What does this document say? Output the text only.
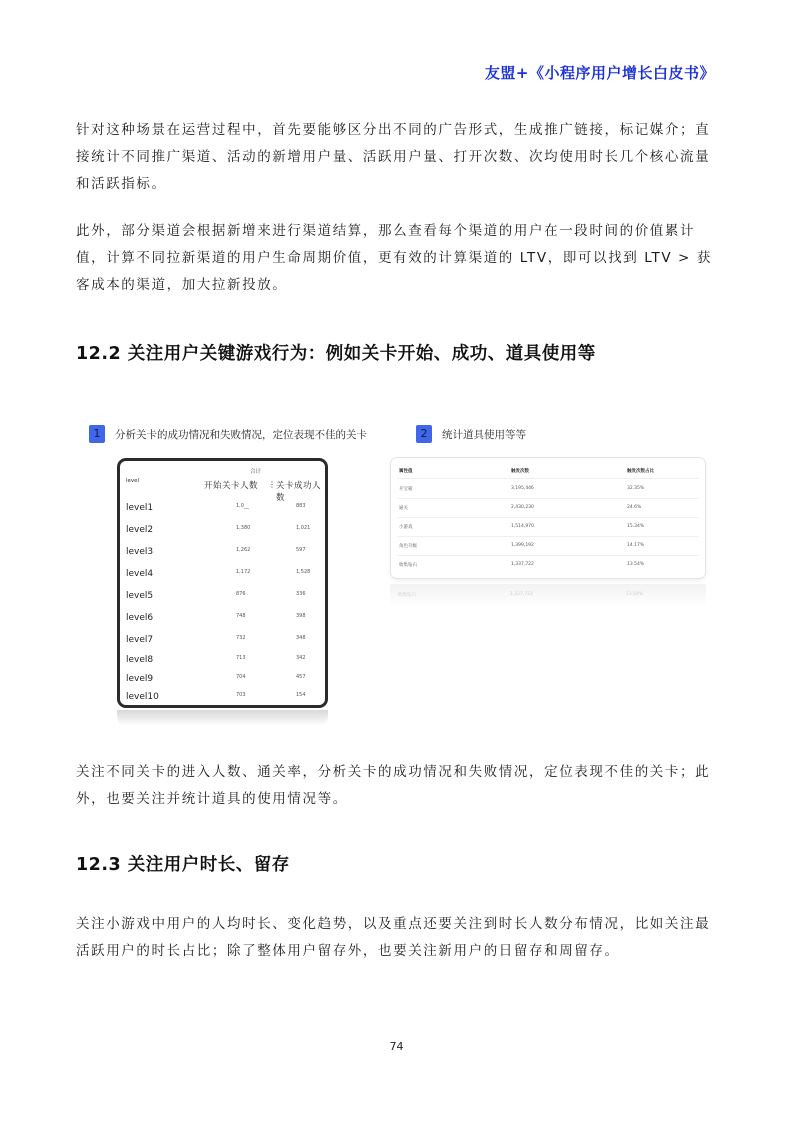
友盟+《小程序用户增长白皮书》

针对这种场景在运营过程中，首先要能够区分出不同的广告形式，生成推广链接，标记媒介；直接统计不同推广渠道、活动的新增用户量、活跃用户量、打开次数、次均使用时长几个核心流量和活跃指标。

此外，部分渠道会根据新增来进行渠道结算，那么查看每个渠道的用户在一段时间的价值累计值，计算不同拉新渠道的用户生命周期价值，更有效的计算渠道的 LTV，即可以找到 LTV > 获客成本的渠道，加大拉新投放。

12.2 关注用户关键游戏行为：例如关卡开始、成功、道具使用等
1	分析关卡的成功情况和失败情况，定位表现不佳的关卡	2	统计道具使用等等
合计
level	开始关卡人数 ⋮ 关卡成功人数
level1	1,0__	883
level2	1,380	1,021
level3	1,262	597
level4	1,172	1,528
level5	876	336
level6	748	398
level7	732	348
level8	713	342
level9	704	457
level10	703	154
属性值	触发次数	触发次数占比
开宝箱	3,195,446	32.35%
通关	2,430,230	24.6%
小游戏	1,514,970	15.34%
角色升级	1,399,192	14.17%
收集钻石	1,337,722	13.54%
收集钻石	1,337,722	13.54%

关注不同关卡的进入人数、通关率，分析关卡的成功情况和失败情况，定位表现不佳的关卡；此外，也要关注并统计道具的使用情况等。

12.3 关注用户时长、留存

关注小游戏中用户的人均时长、变化趋势，以及重点还要关注到时长人数分布情况，比如关注最活跃用户的时长占比；除了整体用户留存外，也要关注新用户的日留存和周留存。

74
